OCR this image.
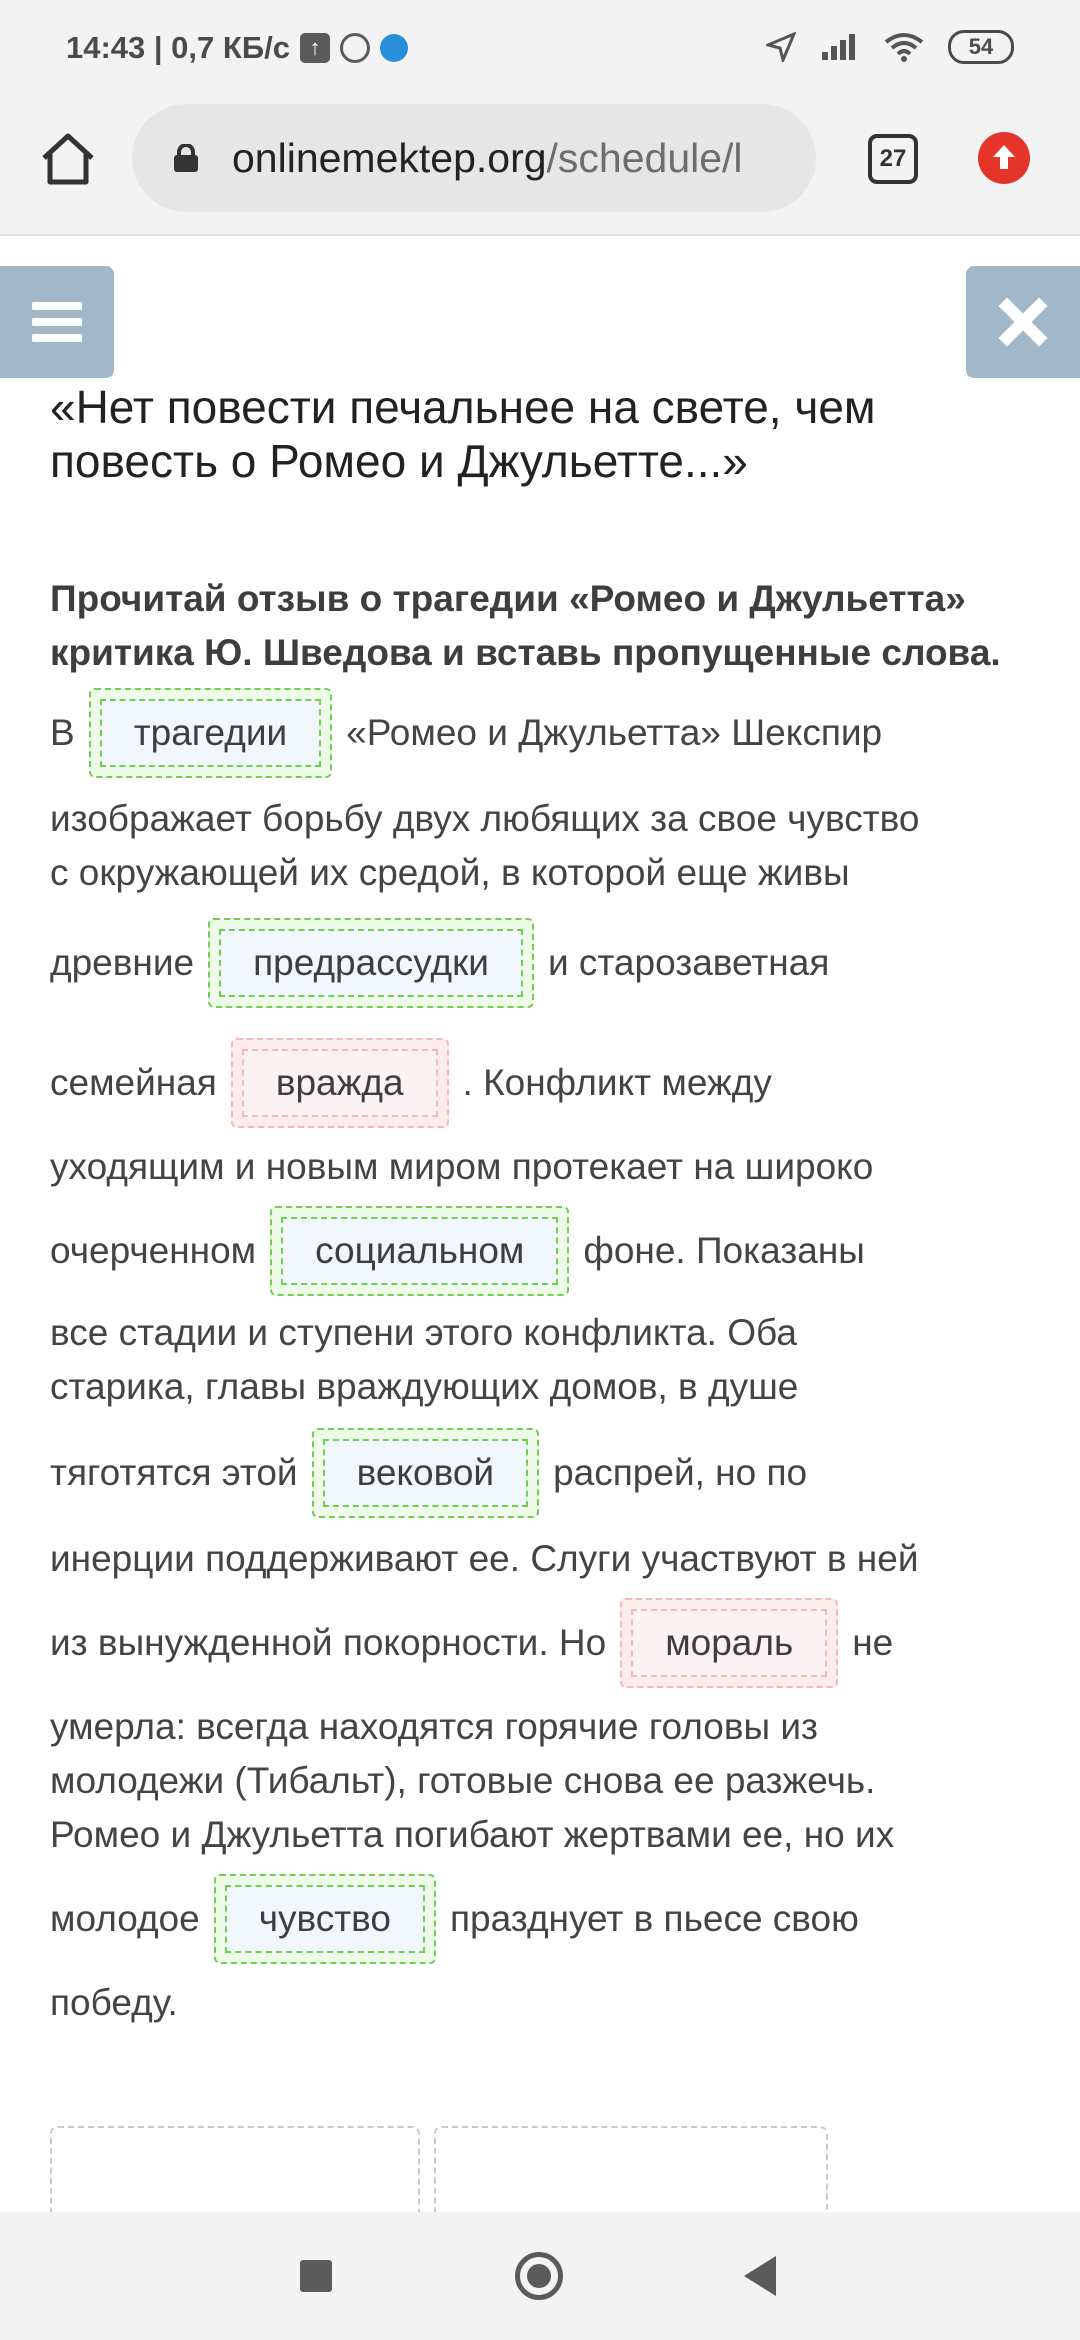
14:43 | 0,7 КБ/с ↑	54
onlinemektep.org/schedule/l	27
«Нет повести печальнее на свете, чем повесть о Ромео и Джульетте...»

Прочитай отзыв о трагедии «Ромео и Джульетта» критика Ю. Шведова и вставь пропущенные слова.

В	трагедии	«Ромео и Джульетта» Шекспир
изображает борьбу двух любящих за свое чувство
с окружающей их средой, в которой еще живы
древние	предрассудки	и старозаветная
семейная	вражда	. Конфликт между
уходящим и новым миром протекает на широко
очерченном	социальном	фоне. Показаны
все стадии и ступени этого конфликта. Оба
старика, главы враждующих домов, в душе
тяготятся этой	вековой	распрей, но по
инерции поддерживают ее. Слуги участвуют в ней
из вынужденной покорности. Но	мораль	не
умерла: всегда находятся горячие головы из
молодежи (Тибальт), готовые снова ее разжечь.
Ромео и Джульетта погибают жертвами ее, но их
молодое	чувство	празднует в пьесе свою
победу.
